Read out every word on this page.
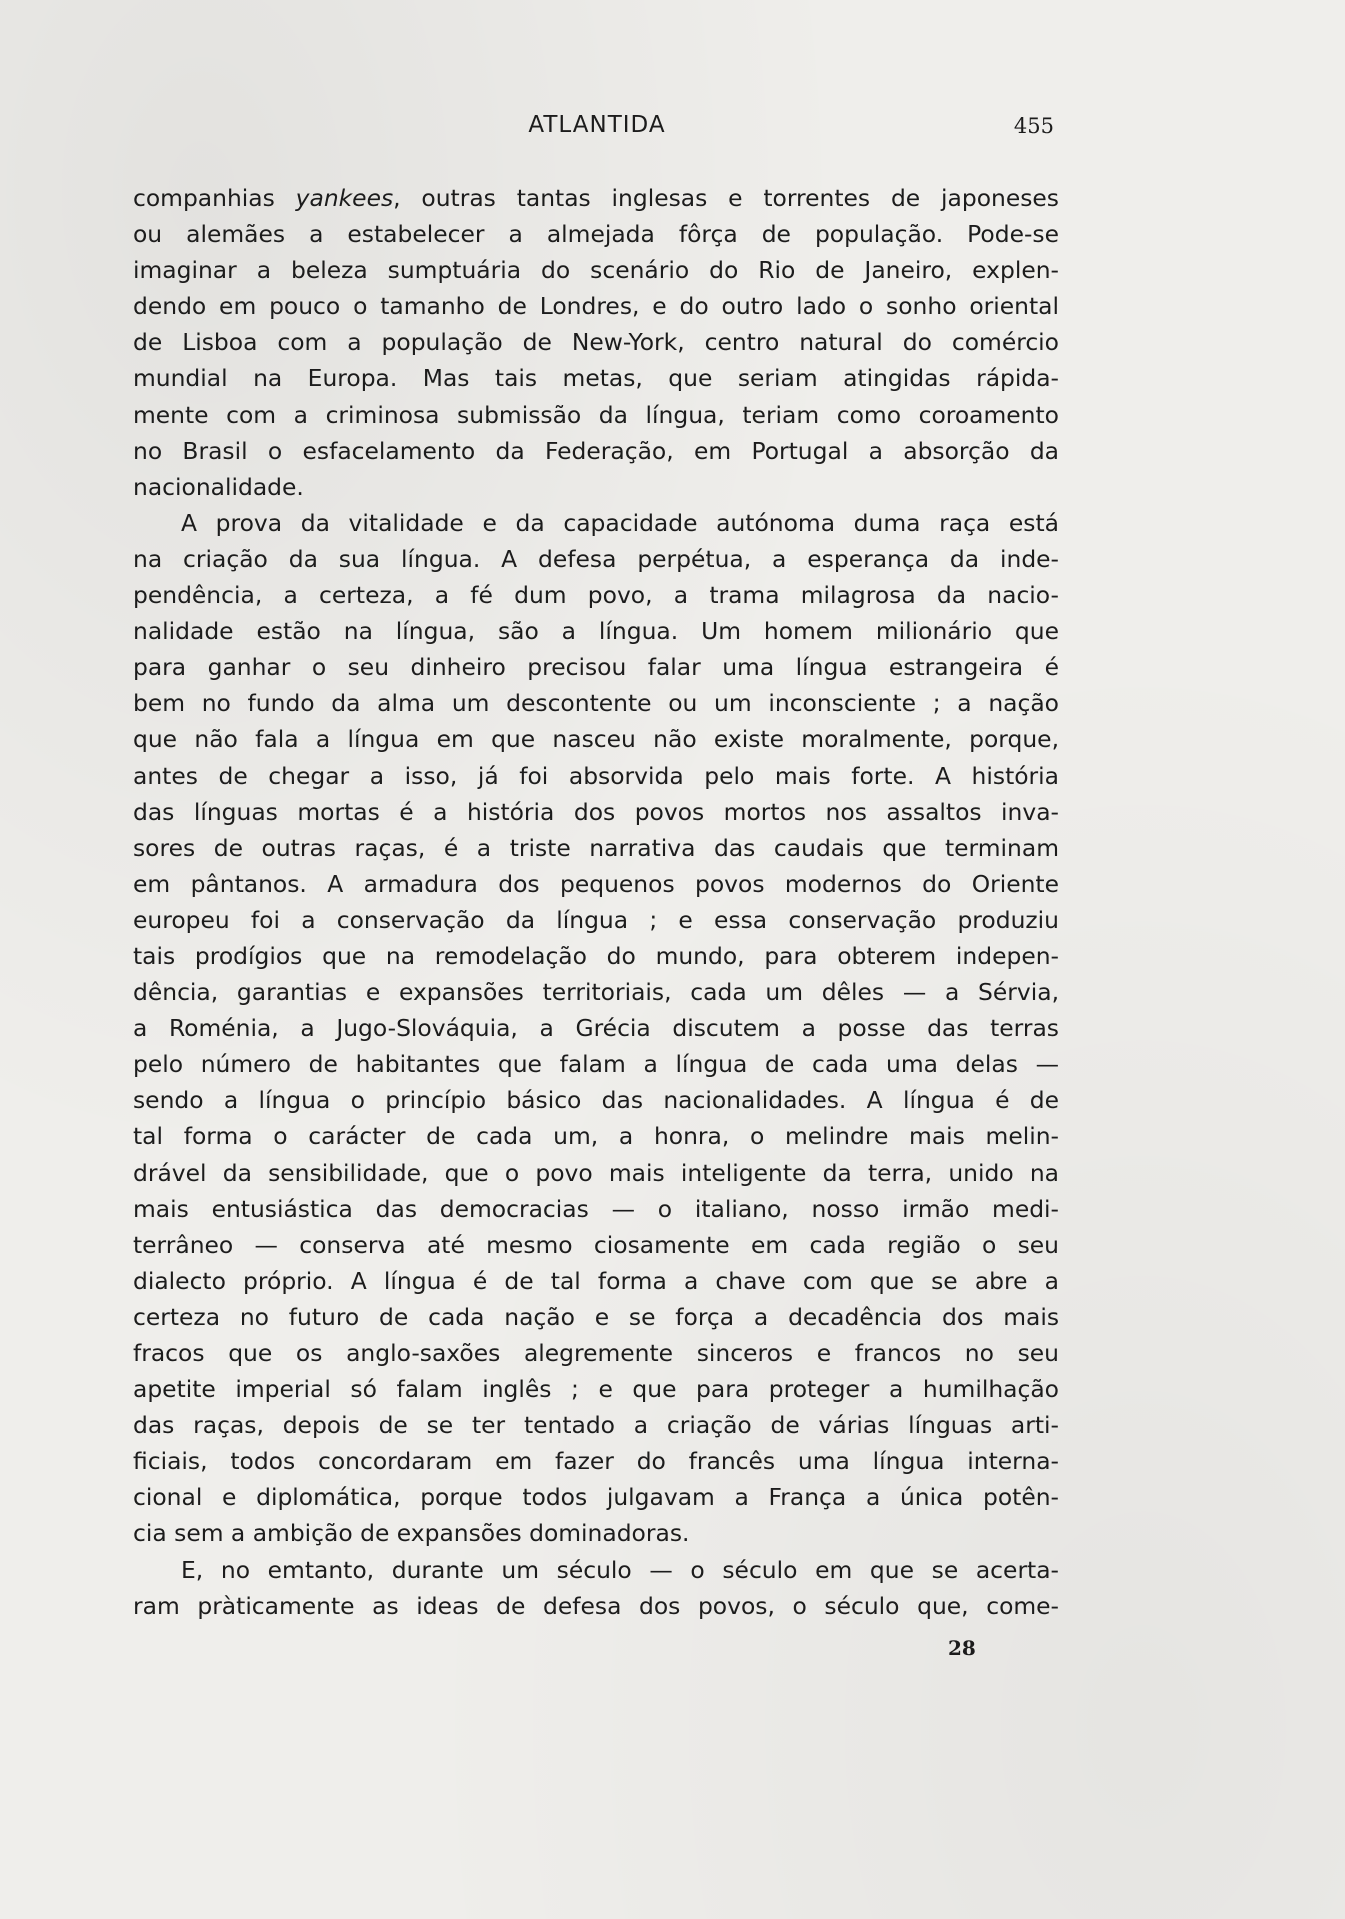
ATLANTIDA	455
companhias yankees, outras tantas inglesas e torrentes de japoneses
ou alemães a estabelecer a almejada fôrça de população. Pode-se
imaginar a beleza sumptuária do scenário do Rio de Janeiro, explen-
dendo em pouco o tamanho de Londres, e do outro lado o sonho oriental
de Lisboa com a população de New-York, centro natural do comércio
mundial na Europa. Mas tais metas, que seriam atingidas rápida-
mente com a criminosa submissão da língua, teriam como coroamento
no Brasil o esfacelamento da Federação, em Portugal a absorção da
nacionalidade.
A prova da vitalidade e da capacidade autónoma duma raça está
na criação da sua língua. A defesa perpétua, a esperança da inde-
pendência, a certeza, a fé dum povo, a trama milagrosa da nacio-
nalidade estão na língua, são a língua. Um homem milionário que
para ganhar o seu dinheiro precisou falar uma língua estrangeira é
bem no fundo da alma um descontente ou um inconsciente ; a nação
que não fala a língua em que nasceu não existe moralmente, porque,
antes de chegar a isso, já foi absorvida pelo mais forte. A história
das línguas mortas é a história dos povos mortos nos assaltos inva-
sores de outras raças, é a triste narrativa das caudais que terminam
em pântanos. A armadura dos pequenos povos modernos do Oriente
europeu foi a conservação da língua ; e essa conservação produziu
tais prodígios que na remodelação do mundo, para obterem indepen-
dência, garantias e expansões territoriais, cada um dêles — a Sérvia,
a Roménia, a Jugo-Slováquia, a Grécia discutem a posse das terras
pelo número de habitantes que falam a língua de cada uma delas —
sendo a língua o princípio básico das nacionalidades. A língua é de
tal forma o carácter de cada um, a honra, o melindre mais melin-
drável da sensibilidade, que o povo mais inteligente da terra, unido na
mais entusiástica das democracias — o italiano, nosso irmão medi-
terrâneo — conserva até mesmo ciosamente em cada região o seu
dialecto próprio. A língua é de tal forma a chave com que se abre a
certeza no futuro de cada nação e se força a decadência dos mais
fracos que os anglo-saxões alegremente sinceros e francos no seu
apetite imperial só falam inglês ; e que para proteger a humilhação
das raças, depois de se ter tentado a criação de várias línguas arti-
ficiais, todos concordaram em fazer do francês uma língua interna-
cional e diplomática, porque todos julgavam a França a única potên-
cia sem a ambição de expansões dominadoras.
E, no emtanto, durante um século — o século em que se acerta-
ram pràticamente as ideas de defesa dos povos, o século que, come-
28
